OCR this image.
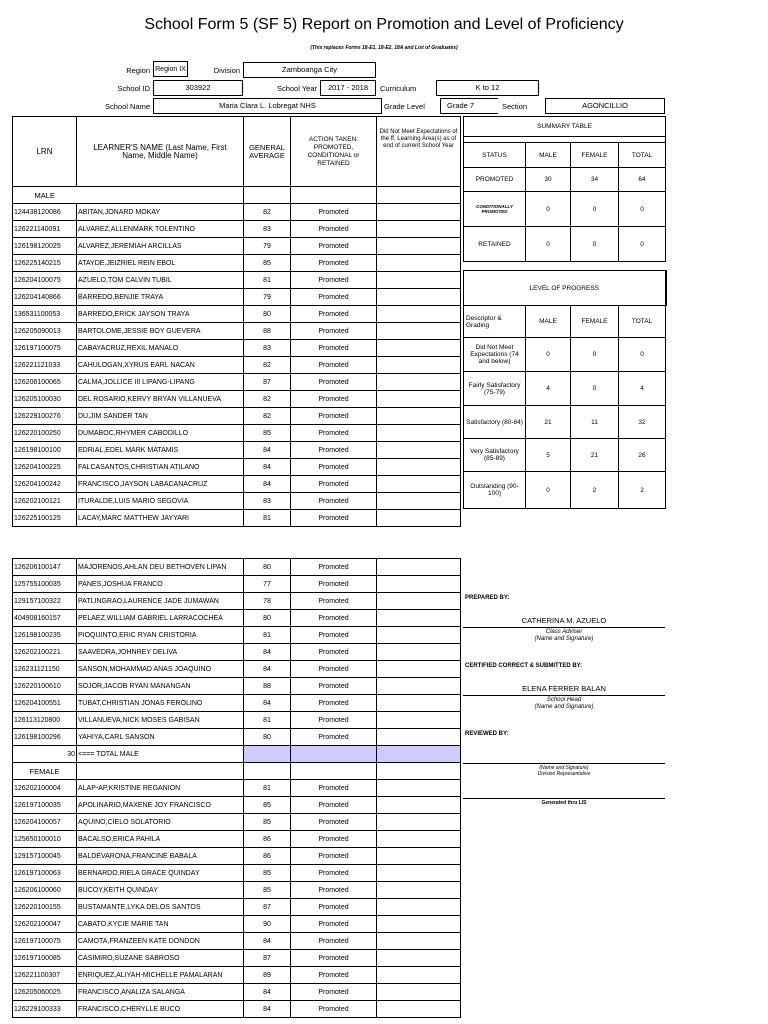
School Form 5 (SF 5) Report on Promotion and Level of Proficiency
(This replaces Forms 18-E1, 18-E2, 18A and List of Graduates)
Region Region IX	Division	Zamboanga City
School ID	303922	School Year	2017 - 2018	Curriculum	K to 12
School Name	Maria Clara L. Lobregat NHS	Grade Level	Grade 7	Section	AGONCILLIO
LRN	LEARNER'S NAME (Last Name, First Name, Middle Name)	GENERAL AVERAGE	ACTION TAKEN: PROMOTED, CONDITIONAL or RETAINED	Did Not Meet Expectations of the ff. Learning Area(s) as of end of current School Year
MALE				
124438120086	ABITAN,JONARD MOKAY	82	Promoted	
126221140091	ALVAREZ,ALLENMARK TOLENTINO	83	Promoted	
126198120025	ALVAREZ,JEREMIAH ARCILLAS	79	Promoted	
126225140215	ATAYDE,JEIZRIEL REIN EBOL	85	Promoted	
126204100075	AZUELO,TOM CALVIN TUBIL	81	Promoted	
126204140866	BARREDO,BENJIE TRAYA	79	Promoted	
136531100053	BARREDO,ERICK JAYSON TRAYA	80	Promoted	
126205090013	BARTOLOME,JESSIE BOY GUEVERA	88	Promoted	
126197100075	CABAYACRUZ,REXIL MANALO	83	Promoted	
126221121033	CAHULOGAN,XYRUS EARL NACAN	82	Promoted	
126206100065	CALMA,JOLLICE III LIPANG-LIPANG	87	Promoted	
126205100030	DEL ROSARIO,KERVY BRYAN VILLANUEVA	82	Promoted	
126229100276	DU,JIM SANDER TAN	82	Promoted	
126220100250	DUMABOC,RHYMER CABODILLO	85	Promoted	
126198100100	EDRIAL,EDEL MARK MATAMIS	84	Promoted	
126204100225	FALCASANTOS,CHRISTIAN ATILANO	84	Promoted	
126204100242	FRANCISCO,JAYSON LABACANACRUZ	84	Promoted	
126202100121	ITURALDE,LUIS MARIO SEGOVIA	83	Promoted	
126225100125	LACAY,MARC MATTHEW JAYYARI	81	Promoted	
126206100147	MAJORENOS,AHLAN DEU BETHOVEN LIPAN	80	Promoted	
125755100035	PANES,JOSHUA FRANCO	77	Promoted	
129157100322	PATLINGRAO,LAURENCE JADE JUMAWAN	78	Promoted	
404908160157	PELAEZ,WILLIAM GABRIEL LARRACOCHEA	80	Promoted	
126198100235	PIOQUINTO,ERIC RYAN CRISTORIA	81	Promoted	
126202100221	SAAVEDRA,JOHNREY DELIVA	84	Promoted	
126231121150	SANSON,MOHAMMAD ANAS JOAQUINO	84	Promoted	
126220100610	SOJOR,JACOB RYAN MANANGAN	88	Promoted	
126204100551	TUBAT,CHRISTIAN JONAS FEROLINO	84	Promoted	
126113120800	VILLANUEVA,NICK MOSES GABISAN	81	Promoted	
126198100296	YAHIYA,CARL SANSON	80	Promoted	
30	<=== TOTAL MALE			
FEMALE				
126202100004	ALAP-AP,KRISTINE REGANION	81	Promoted	
126197100035	APOLINARIO,MAXENE JOY FRANCISCO	85	Promoted	
126204100057	AQUINO,CIELO SOLATORIO	85	Promoted	
125650100010	BACALSO,ERICA PAHILA	86	Promoted	
129157100045	BALDEVARONA,FRANCINE BABALA	86	Promoted	
126197100063	BERNARDO,RIELA GRACE QUINDAY	85	Promoted	
126206100060	BUCOY,KEITH QUINDAY	85	Promoted	
126220100155	BUSTAMANTE,LYKA DELOS SANTOS	87	Promoted	
126202100047	CABATO,KYCIE MARIE TAN	90	Promoted	
126197100075	CAMOTA,FRANZEEN KATE DONDON	84	Promoted	
126197100085	CASIMIRO,SUZANE SABROSO	87	Promoted	
126221100307	ENRIQUEZ,ALIYAH-MICHELLE PAMALARAN	89	Promoted	
126205060025	FRANCISCO,ANALIZA SALANGA	84	Promoted	
126229100333	FRANCISCO,CHERYLLE BUCO	84	Promoted	
SUMMARY TABLE			

STATUS	MALE	FEMALE	TOTAL
PROMOTED	30	34	64
CONDITIONALLY PROMOTED	0	0	0
RETAINED	0	0	0
LEVEL OF PROGRESS			
Descriptor & Grading	MALE	FEMALE	TOTAL
Did Not Meet Expectations (74 and below)	0	0	0
Fairly Satisfactory (75-79)	4	0	4
Satisfactory (80-84)	21	11	32
Very Satisfactory (85-89)	5	21	26
Outstanding (90-100)	0	2	2
PREPARED BY:
CATHERINA M. AZUELO
Class Adviser
(Name and Signature)
CERTIFIED CORRECT & SUBMITTED BY:
ELENA FERRER BALAN
School Head
(Name and Signature)
REVIEWED BY:
(Name and Signature)
Division Representative
Generated thru LIS
